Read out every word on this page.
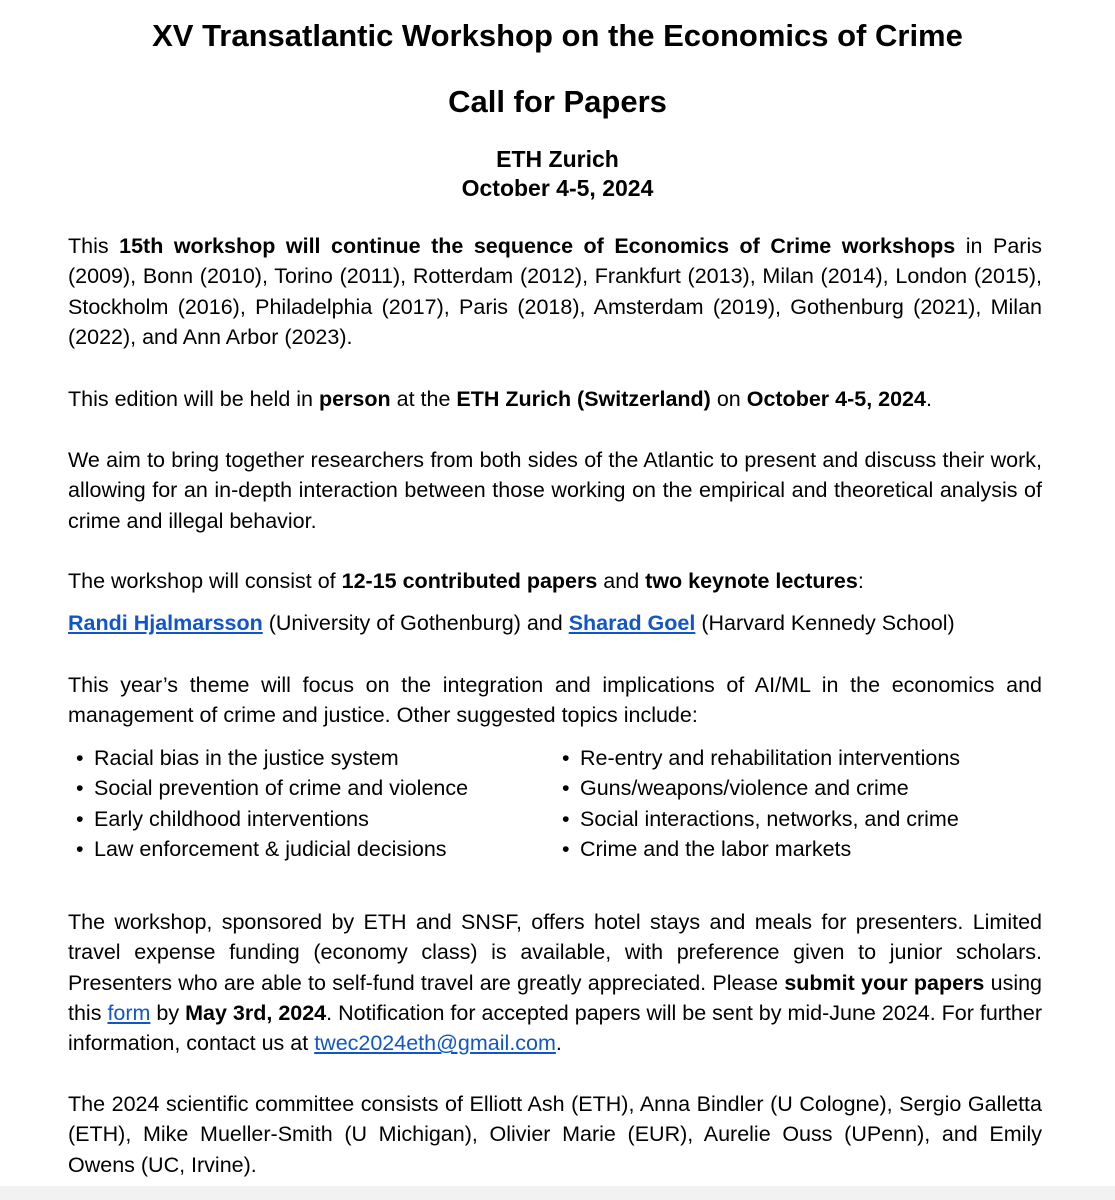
XV Transatlantic Workshop on the Economics of Crime
Call for Papers
ETH Zurich
October 4-5, 2024

This 15th workshop will continue the sequence of Economics of Crime workshops in Paris (2009), Bonn (2010), Torino (2011), Rotterdam (2012), Frankfurt (2013), Milan (2014), London (2015), Stockholm (2016), Philadelphia (2017), Paris (2018), Amsterdam (2019), Gothenburg (2021), Milan (2022), and Ann Arbor (2023).

This edition will be held in person at the ETH Zurich (Switzerland) on October 4-5, 2024.

We aim to bring together researchers from both sides of the Atlantic to present and discuss their work, allowing for an in-depth interaction between those working on the empirical and theoretical analysis of crime and illegal behavior.

The workshop will consist of 12-15 contributed papers and two keynote lectures:

Randi Hjalmarsson (University of Gothenburg) and Sharad Goel (Harvard Kennedy School)

This year’s theme will focus on the integration and implications of AI/ML in the economics and management of crime and justice. Other suggested topics include:

• Racial bias in the justice system
• Social prevention of crime and violence
• Early childhood interventions
• Law enforcement & judicial decisions
• Re-entry and rehabilitation interventions
• Guns/weapons/violence and crime
• Social interactions, networks, and crime
• Crime and the labor markets

The workshop, sponsored by ETH and SNSF, offers hotel stays and meals for presenters. Limited travel expense funding (economy class) is available, with preference given to junior scholars. Presenters who are able to self-fund travel are greatly appreciated. Please submit your papers using this form by May 3rd, 2024. Notification for accepted papers will be sent by mid-June 2024. For further information, contact us at twec2024eth@gmail.com.

The 2024 scientific committee consists of Elliott Ash (ETH), Anna Bindler (U Cologne), Sergio Galletta (ETH), Mike Mueller-Smith (U Michigan), Olivier Marie (EUR), Aurelie Ouss (UPenn), and Emily Owens (UC, Irvine).
